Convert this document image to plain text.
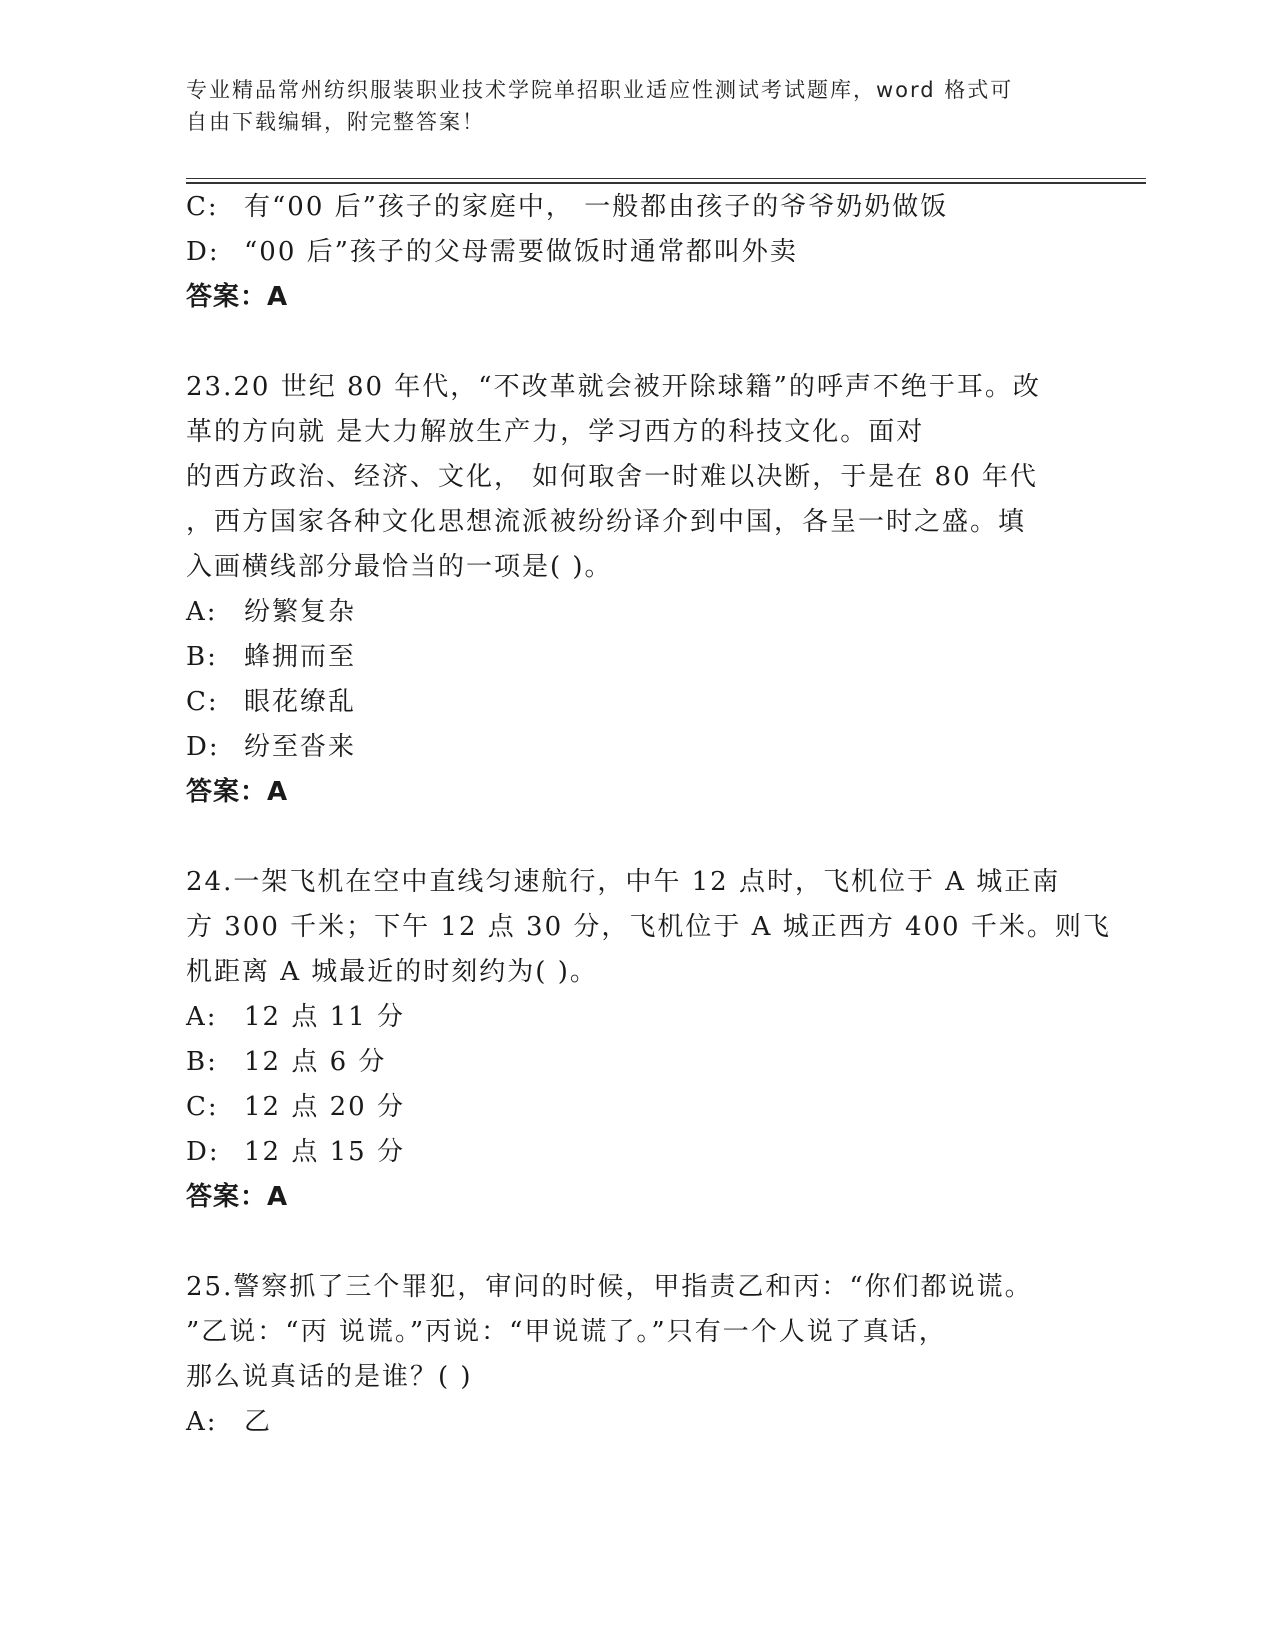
专业精品常州纺织服装职业技术学院单招职业适应性测试考试题库，word 格式可
自由下载编辑，附完整答案！
C: 有“00 后”孩子的家庭中， 一般都由孩子的爷爷奶奶做饭
D: “00 后”孩子的父母需要做饭时通常都叫外卖
答案：A
23.20 世纪 80 年代，“不改革就会被开除球籍”的呼声不绝于耳。改
革的方向就 是大力解放生产力，学习西方的科技文化。面对
的西方政治、经济、文化， 如何取舍一时难以决断，于是在 80 年代
，西方国家各种文化思想流派被纷纷译介到中国，各呈一时之盛。填
入画横线部分最恰当的一项是( )。
A:	纷繁复杂
B:	蜂拥而至
C: 眼花缭乱
D: 纷至沓来
答案：A
24.一架飞机在空中直线匀速航行，中午 12 点时，飞机位于 A 城正南
方 300 千米；下午 12 点 30 分，飞机位于 A 城正西方 400 千米。则飞
机距离 A 城最近的时刻约为( )。
A:	12 点 11 分
B:	12 点 6 分
C: 12 点 20 分
D: 12 点 15 分
答案：A
25.警察抓了三个罪犯，审问的时候，甲指责乙和丙：“你们都说谎。
”乙说：“丙 说谎。”丙说：“甲说谎了。”只有一个人说了真话，
那么说真话的是谁？( )
A:	乙
